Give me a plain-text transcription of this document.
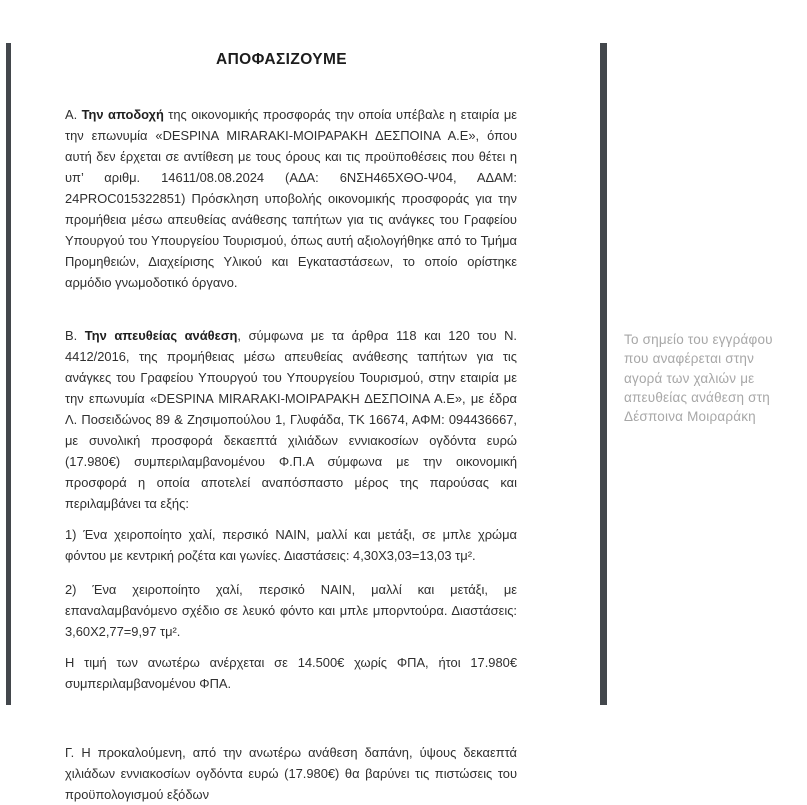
ΑΠΟΦΑΣΙΖΟΥΜΕ

Α. Την αποδοχή της οικονομικής προσφοράς την οποία υπέβαλε η εταιρία με την επωνυμία «DESPINA MIRARAKI-ΜΟΙΡΑΡΑΚΗ ΔΕΣΠΟΙΝΑ Α.Ε», όπου αυτή δεν έρχεται σε αντίθεση με τους όρους και τις προϋποθέσεις που θέτει η υπ’ αριθμ. 14611/08.08.2024 (ΑΔΑ: 6ΝΣΗ465ΧΘΟ-Ψ04, ΑΔΑΜ: 24PROC015322851) Πρόσκληση υποβολής οικονομικής προσφοράς για την προμήθεια μέσω απευθείας ανάθεσης ταπήτων για τις ανάγκες του Γραφείου Υπουργού του Υπουργείου Τουρισμού, όπως αυτή αξιολογήθηκε από το Τμήμα Προμηθειών, Διαχείρισης Υλικού και Εγκαταστάσεων, το οποίο ορίστηκε αρμόδιο γνωμοδοτικό όργανο.

Β. Την απευθείας ανάθεση, σύμφωνα με τα άρθρα 118 και 120 του Ν. 4412/2016, της προμήθειας μέσω απευθείας ανάθεσης ταπήτων για τις ανάγκες του Γραφείου Υπουργού του Υπουργείου Τουρισμού, στην εταιρία με την επωνυμία «DESPINA MIRARAKI-ΜΟΙΡΑΡΑΚΗ ΔΕΣΠΟΙΝΑ Α.Ε», με έδρα Λ. Ποσειδώνος 89 & Ζησιμοπούλου 1, Γλυφάδα, ΤΚ 16674, ΑΦΜ: 094436667, με συνολική προσφορά δεκαεπτά χιλιάδων εννιακοσίων ογδόντα ευρώ (17.980€) συμπεριλαμβανομένου Φ.Π.Α σύμφωνα με την οικονομική προσφορά η οποία αποτελεί αναπόσπαστο μέρος της παρούσας και περιλαμβάνει τα εξής:

1) Ένα χειροποίητο χαλί, περσικό ΝΑΙΝ, μαλλί και μετάξι, σε μπλε χρώμα φόντου με κεντρική ροζέτα και γωνίες. Διαστάσεις: 4,30Χ3,03=13,03 τμ².

2) Ένα χειροποίητο χαλί, περσικό ΝΑΙΝ, μαλλί και μετάξι, με επαναλαμβανόμενο σχέδιο σε λευκό φόντο και μπλε μπορντούρα. Διαστάσεις: 3,60Χ2,77=9,97 τμ².

Η τιμή των ανωτέρω ανέρχεται σε 14.500€ χωρίς ΦΠΑ, ήτοι 17.980€ συμπεριλαμβανομένου ΦΠΑ.

Γ. Η προκαλούμενη, από την ανωτέρω ανάθεση δαπάνη, ύψους δεκαεπτά χιλιάδων εννιακοσίων ογδόντα ευρώ (17.980€) θα βαρύνει τις πιστώσεις του προϋπολογισμού εξόδων

Το σημείο του εγγράφου που αναφέρεται στην αγορά των χαλιών με απευθείας ανάθεση στη Δέσποινα Μοιραράκη
